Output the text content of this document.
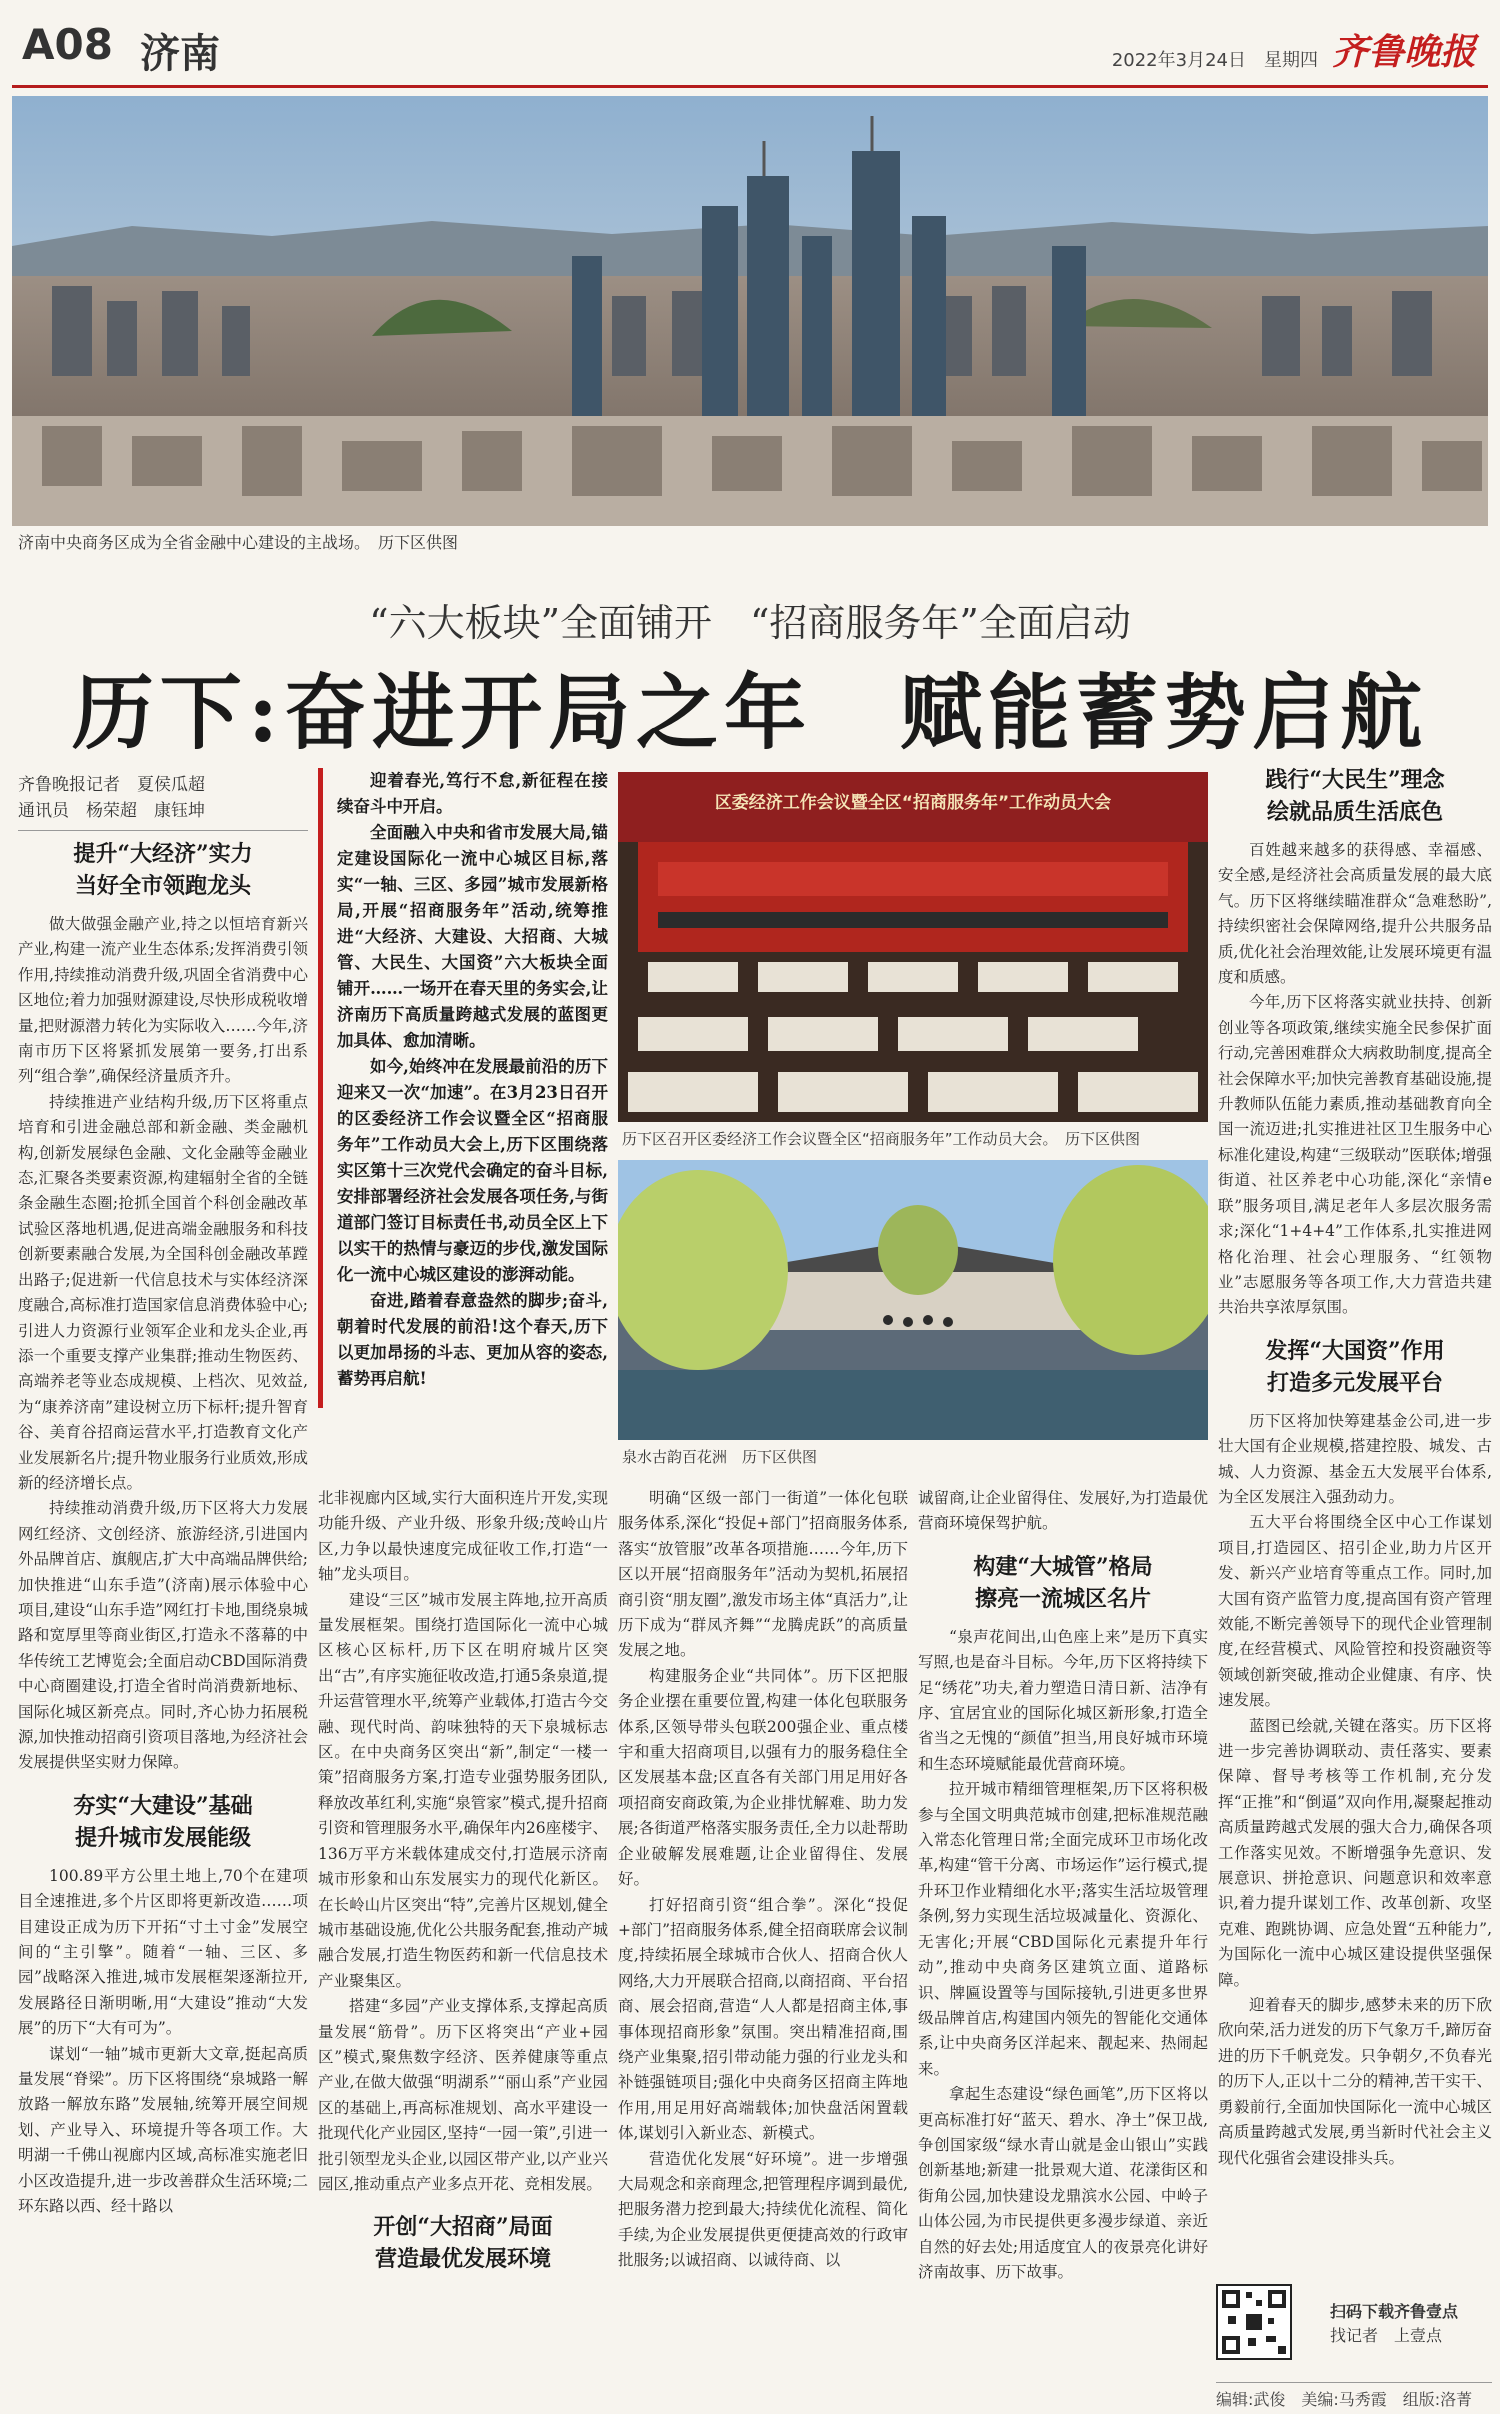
A08 济南	2022年3月24日　星期四 齐鲁晚报
济南中央商务区成为全省金融中心建设的主战场。　历下区供图
“六大板块”全面铺开　“招商服务年”全面启动
历下:奋进开局之年　赋能蓄势启航
齐鲁晚报记者　夏侯瓜超
通讯员　杨荣超　康钰坤
提升“大经济”实力
当好全市领跑龙头

做大做强金融产业,持之以恒培育新兴产业,构建一流产业生态体系;发挥消费引领作用,持续推动消费升级,巩固全省消费中心区地位;着力加强财源建设,尽快形成税收增量,把财源潜力转化为实际收入……今年,济南市历下区将紧抓发展第一要务,打出系列“组合拳”,确保经济量质齐升。

持续推进产业结构升级,历下区将重点培育和引进金融总部和新金融、类金融机构,创新发展绿色金融、文化金融等金融业态,汇聚各类要素资源,构建辐射全省的全链条金融生态圈;抢抓全国首个科创金融改革试验区落地机遇,促进高端金融服务和科技创新要素融合发展,为全国科创金融改革蹚出路子;促进新一代信息技术与实体经济深度融合,高标准打造国家信息消费体验中心;引进人力资源行业领军企业和龙头企业,再添一个重要支撑产业集群;推动生物医药、高端养老等业态成规模、上档次、见效益,为“康养济南”建设树立历下标杆;提升智育谷、美育谷招商运营水平,打造教育文化产业发展新名片;提升物业服务行业质效,形成新的经济增长点。

持续推动消费升级,历下区将大力发展网红经济、文创经济、旅游经济,引进国内外品牌首店、旗舰店,扩大中高端品牌供给;加快推进“山东手造”(济南)展示体验中心项目,建设“山东手造”网红打卡地,围绕泉城路和宽厚里等商业街区,打造永不落幕的中华传统工艺博览会;全面启动CBD国际消费中心商圈建设,打造全省时尚消费新地标、国际化城区新亮点。同时,齐心协力拓展税源,加快推动招商引资项目落地,为经济社会发展提供坚实财力保障。

夯实“大建设”基础
提升城市发展能级

100.89平方公里土地上,70个在建项目全速推进,多个片区即将更新改造……项目建设正成为历下开拓“寸土寸金”发展空间的“主引擎”。随着“一轴、三区、多园”战略深入推进,城市发展框架逐渐拉开,发展路径日渐明晰,用“大建设”推动“大发展”的历下“大有可为”。

谋划“一轴”城市更新大文章,挺起高质量发展“脊梁”。历下区将围绕“泉城路一解放路一解放东路”发展轴,统筹开展空间规划、产业导入、环境提升等各项工作。大明湖一千佛山视廊内区域,高标准实施老旧小区改造提升,进一步改善群众生活环境;二环东路以西、经十路以

迎着春光,笃行不怠,新征程在接续奋斗中开启。

全面融入中央和省市发展大局,锚定建设国际化一流中心城区目标,落实“一轴、三区、多园”城市发展新格局,开展“招商服务年”活动,统筹推进“大经济、大建设、大招商、大城管、大民生、大国资”六大板块全面铺开……一场开在春天里的务实会,让济南历下高质量跨越式发展的蓝图更加具体、愈加清晰。

如今,始终冲在发展最前沿的历下迎来又一次“加速”。在3月23日召开的区委经济工作会议暨全区“招商服务年”工作动员大会上,历下区围绕落实区第十三次党代会确定的奋斗目标,安排部署经济社会发展各项任务,与街道部门签订目标责任书,动员全区上下以实干的热情与豪迈的步伐,激发国际化一流中心城区建设的澎湃动能。

奋进,踏着春意盎然的脚步;奋斗,朝着时代发展的前沿!这个春天,历下以更加昂扬的斗志、更加从容的姿态,蓄势再启航!

北非视廊内区域,实行大面积连片开发,实现功能升级、产业升级、形象升级;茂岭山片区,力争以最快速度完成征收工作,打造“一轴”龙头项目。

建设“三区”城市发展主阵地,拉开高质量发展框架。围绕打造国际化一流中心城区核心区标杆,历下区在明府城片区突出“古”,有序实施征收改造,打通5条泉道,提升运营管理水平,统筹产业载体,打造古今交融、现代时尚、韵味独特的天下泉城标志区。在中央商务区突出“新”,制定“一楼一策”招商服务方案,打造专业强势服务团队,释放改革红利,实施“泉管家”模式,提升招商引资和管理服务水平,确保年内26座楼宇、136万平方米载体建成交付,打造展示济南城市形象和山东发展实力的现代化新区。在长岭山片区突出“特”,完善片区规划,健全城市基础设施,优化公共服务配套,推动产城融合发展,打造生物医药和新一代信息技术产业聚集区。

搭建“多园”产业支撑体系,支撑起高质量发展“筋骨”。历下区将突出“产业+园区”模式,聚焦数字经济、医养健康等重点产业,在做大做强“明湖系”“丽山系”产业园区的基础上,再高标准规划、高水平建设一批现代化产业园区,坚持“一园一策”,引进一批引领型龙头企业,以园区带产业,以产业兴园区,推动重点产业多点开花、竞相发展。

开创“大招商”局面
营造最优发展环境

明确“区级一部门一街道”一体化包联服务体系,深化“投促+部门”招商服务体系,落实“放管服”改革各项措施……今年,历下区以开展“招商服务年”活动为契机,拓展招商引资“朋友圈”,激发市场主体“真活力”,让历下成为“群凤齐舞”“龙腾虎跃”的高质量发展之地。

构建服务企业“共同体”。历下区把服务企业摆在重要位置,构建一体化包联服务体系,区领导带头包联200强企业、重点楼宇和重大招商项目,以强有力的服务稳住全区发展基本盘;区直各有关部门用足用好各项招商安商政策,为企业排忧解难、助力发展;各街道严格落实服务责任,全力以赴帮助企业破解发展难题,让企业留得住、发展好。

打好招商引资“组合拳”。深化“投促+部门”招商服务体系,健全招商联席会议制度,持续拓展全球城市合伙人、招商合伙人网络,大力开展联合招商,以商招商、平台招商、展会招商,营造“人人都是招商主体,事事体现招商形象”氛围。突出精准招商,围绕产业集聚,招引带动能力强的行业龙头和补链强链项目;强化中央商务区招商主阵地作用,用足用好高端载体;加快盘活闲置载体,谋划引入新业态、新模式。

营造优化发展“好环境”。进一步增强大局观念和亲商理念,把管理程序调到最优,把服务潜力挖到最大;持续优化流程、简化手续,为企业发展提供更便捷高效的行政审批服务;以诚招商、以诚待商、以

诚留商,让企业留得住、发展好,为打造最优营商环境保驾护航。

构建“大城管”格局
擦亮一流城区名片

“泉声花间出,山色座上来”是历下真实写照,也是奋斗目标。今年,历下区将持续下足“绣花”功夫,着力塑造日清日新、洁净有序、宜居宜业的国际化城区新形象,打造全省当之无愧的“颜值”担当,用良好城市环境和生态环境赋能最优营商环境。

拉开城市精细管理框架,历下区将积极参与全国文明典范城市创建,把标准规范融入常态化管理日常;全面完成环卫市场化改革,构建“管干分离、市场运作”运行模式,提升环卫作业精细化水平;落实生活垃圾管理条例,努力实现生活垃圾减量化、资源化、无害化;开展“CBD国际化元素提升年行动”,推动中央商务区建筑立面、道路标识、牌匾设置等与国际接轨,引进更多世界级品牌首店,构建国内领先的智能化交通体系,让中央商务区洋起来、靓起来、热闹起来。

拿起生态建设“绿色画笔”,历下区将以更高标准打好“蓝天、碧水、净土”保卫战,争创国家级“绿水青山就是金山银山”实践创新基地;新建一批景观大道、花漾街区和街角公园,加快建设龙鼎滨水公园、中岭子山体公园,为市民提供更多漫步绿道、亲近自然的好去处;用适度宜人的夜景亮化讲好济南故事、历下故事。

区委经济工作会议暨全区“招商服务年”工作动员大会
历下区召开区委经济工作会议暨全区“招商服务年”工作动员大会。　历下区供图
泉水古韵百花洲　历下区供图
践行“大民生”理念
绘就品质生活底色

百姓越来越多的获得感、幸福感、安全感,是经济社会高质量发展的最大底气。历下区将继续瞄准群众“急难愁盼”,持续织密社会保障网络,提升公共服务品质,优化社会治理效能,让发展环境更有温度和质感。

今年,历下区将落实就业扶持、创新创业等各项政策,继续实施全民参保扩面行动,完善困难群众大病救助制度,提高全社会保障水平;加快完善教育基础设施,提升教师队伍能力素质,推动基础教育向全国一流迈进;扎实推进社区卫生服务中心标准化建设,构建“三级联动”医联体;增强街道、社区养老中心功能,深化“亲情e联”服务项目,满足老年人多层次服务需求;深化“1+4+4”工作体系,扎实推进网格化治理、社会心理服务、“红领物业”志愿服务等各项工作,大力营造共建共治共享浓厚氛围。

发挥“大国资”作用
打造多元发展平台

历下区将加快筹建基金公司,进一步壮大国有企业规模,搭建控股、城发、古城、人力资源、基金五大发展平台体系,为全区发展注入强劲动力。

五大平台将围绕全区中心工作谋划项目,打造园区、招引企业,助力片区开发、新兴产业培育等重点工作。同时,加大国有资产监管力度,提高国有资产管理效能,不断完善领导下的现代企业管理制度,在经营模式、风险管控和投资融资等领域创新突破,推动企业健康、有序、快速发展。

蓝图已绘就,关键在落实。历下区将进一步完善协调联动、责任落实、要素保障、督导考核等工作机制,充分发挥“正推”和“倒逼”双向作用,凝聚起推动高质量跨越式发展的强大合力,确保各项工作落实见效。不断增强争先意识、发展意识、拼抢意识、问题意识和效率意识,着力提升谋划工作、改革创新、攻坚克难、跑跳协调、应急处置“五种能力”,为国际化一流中心城区建设提供坚强保障。

迎着春天的脚步,感梦未来的历下欣欣向荣,活力迸发的历下气象万千,蹄厉奋进的历下千帆竞发。只争朝夕,不负春光的历下人,正以十二分的精神,苦干实干、勇毅前行,全面加快国际化一流中心城区高质量跨越式发展,勇当新时代社会主义现代化强省会建设排头兵。

扫码下载齐鲁壹点
找记者　上壹点
编辑:武俊　美编:马秀霞　组版:洛菁
